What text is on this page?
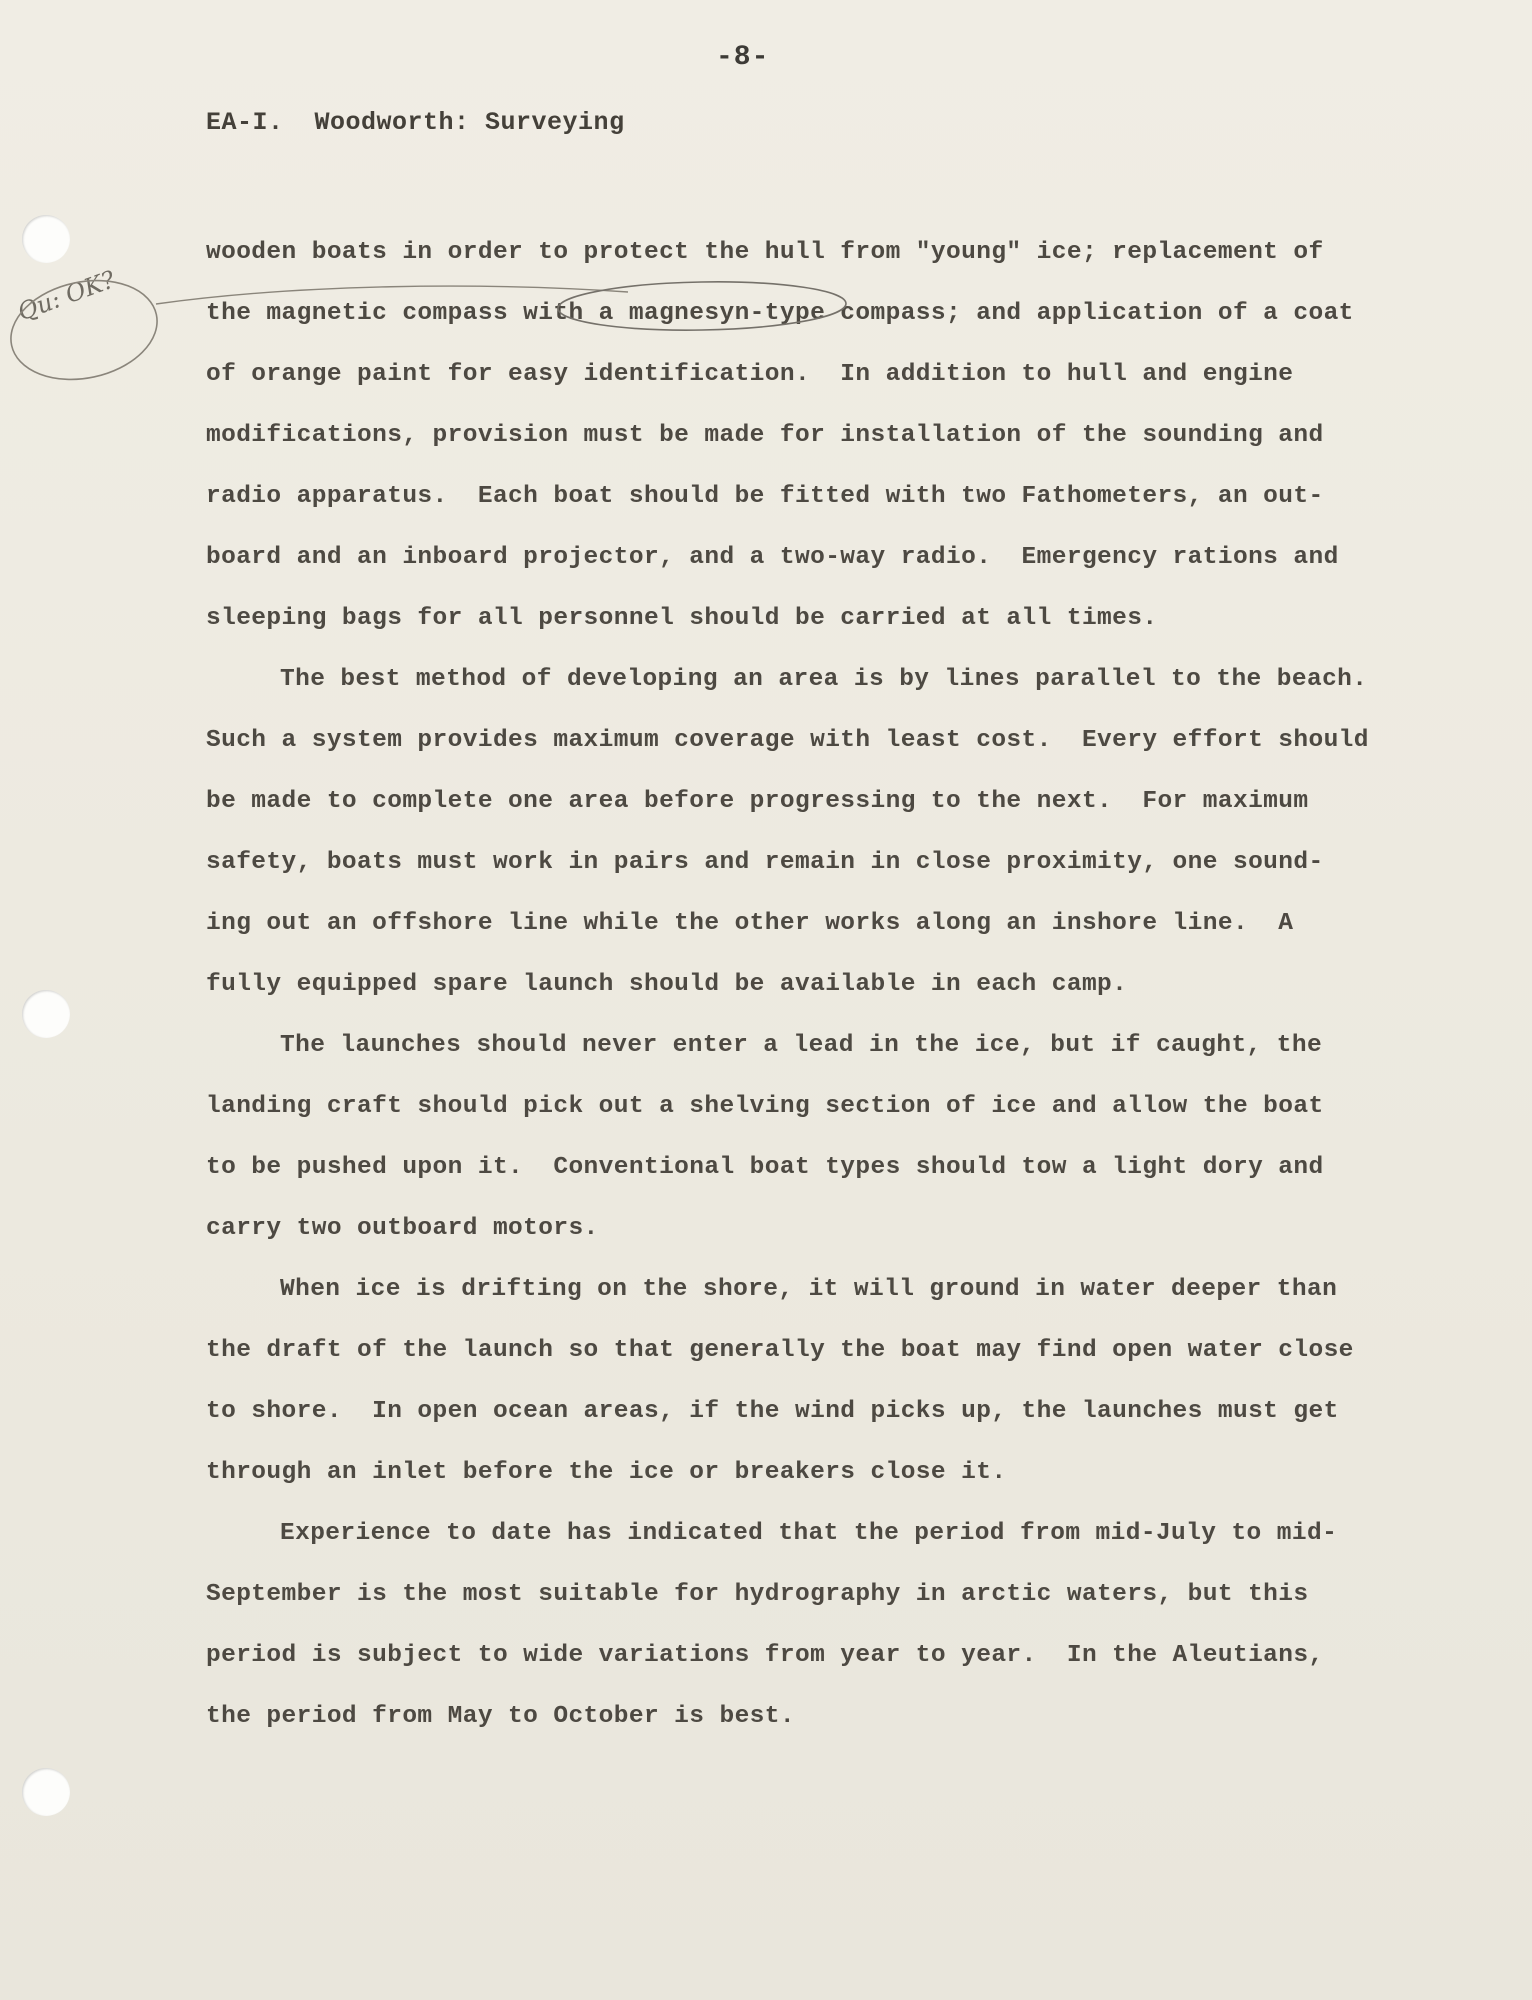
-8-
EA-I.  Woodworth: Surveying
wooden boats in order to protect the hull from "young" ice; replacement of
the magnetic compass with a magnesyn-type compass; and application of a coat
of orange paint for easy identification.  In addition to hull and engine
modifications, provision must be made for installation of the sounding and
radio apparatus.  Each boat should be fitted with two Fathometers, an out-
board and an inboard projector, and a two-way radio.  Emergency rations and
sleeping bags for all personnel should be carried at all times.
The best method of developing an area is by lines parallel to the beach.
Such a system provides maximum coverage with least cost.  Every effort should
be made to complete one area before progressing to the next.  For maximum
safety, boats must work in pairs and remain in close proximity, one sound-
ing out an offshore line while the other works along an inshore line.  A
fully equipped spare launch should be available in each camp.
The launches should never enter a lead in the ice, but if caught, the
landing craft should pick out a shelving section of ice and allow the boat
to be pushed upon it.  Conventional boat types should tow a light dory and
carry two outboard motors.
When ice is drifting on the shore, it will ground in water deeper than
the draft of the launch so that generally the boat may find open water close
to shore.  In open ocean areas, if the wind picks up, the launches must get
through an inlet before the ice or breakers close it.
Experience to date has indicated that the period from mid-July to mid-
September is the most suitable for hydrography in arctic waters, but this
period is subject to wide variations from year to year.  In the Aleutians,
the period from May to October is best.
Qu: OK?
